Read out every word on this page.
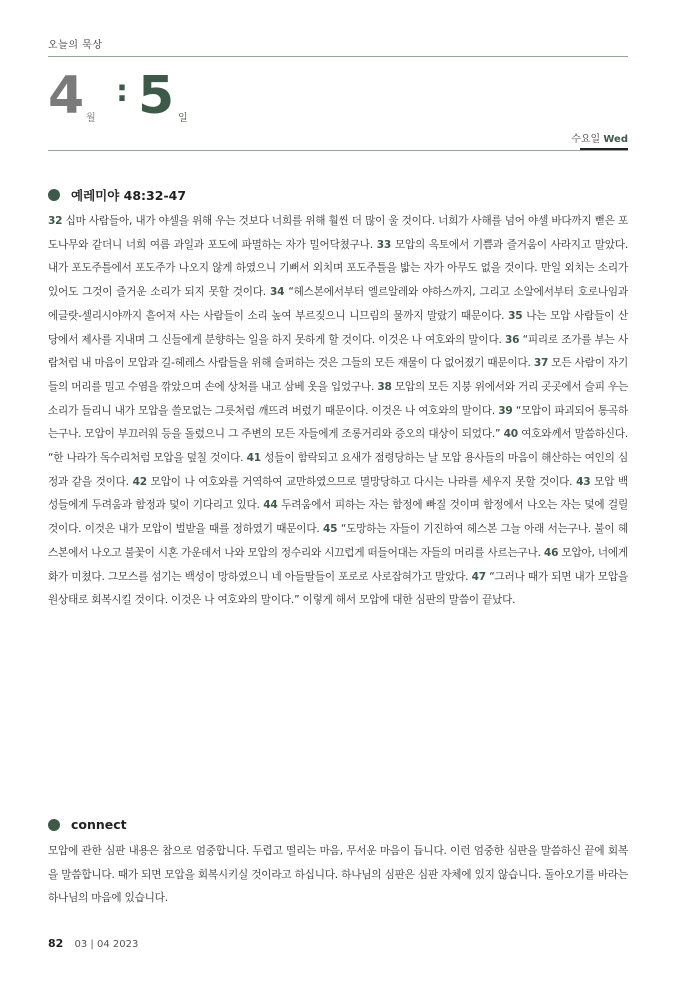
오늘의 묵상
4 월
: 5 일
수요일 Wed
예레미야 48:32-47
32 십마 사람들아, 내가 야셀을 위해 우는 것보다 너희를 위해 훨씬 더 많이 울 것이다. 너희가 사해를 넘어 야셀 바다까지 뻗은 포도나무와 같더니 너희 여름 과일과 포도에 파멸하는 자가 밀어닥쳤구나. 33 모압의 옥토에서 기쁨과 즐거움이 사라지고 말았다. 내가 포도주틀에서 포도주가 나오지 않게 하였으니 기뻐서 외치며 포도주틀을 밟는 자가 아무도 없을 것이다. 만일 외치는 소리가 있어도 그것이 즐거운 소리가 되지 못할 것이다. 34 “헤스본에서부터 엘르알레와 야하스까지, 그리고 소알에서부터 호로나임과 에글랏-셀리시야까지 흩어져 사는 사람들이 소리 높여 부르짖으니 니므림의 물까지 말랐기 때문이다. 35 나는 모압 사람들이 산당에서 제사를 지내며 그 신들에게 분향하는 일을 하지 못하게 할 것이다. 이것은 나 여호와의 말이다. 36 “피리로 조가를 부는 사람처럼 내 마음이 모압과 길-헤레스 사람들을 위해 슬퍼하는 것은 그들의 모든 재물이 다 없어졌기 때문이다. 37 모든 사람이 자기들의 머리를 밀고 수염을 깎았으며 손에 상처를 내고 삼베 옷을 입었구나. 38 모압의 모든 지붕 위에서와 거리 곳곳에서 슬피 우는 소리가 들리니 내가 모압을 쓸모없는 그릇처럼 깨뜨려 버렸기 때문이다. 이것은 나 여호와의 말이다. 39 “모압이 파괴되어 통곡하는구나. 모압이 부끄러워 등을 돌렸으니 그 주변의 모든 자들에게 조롱거리와 증오의 대상이 되었다.” 40 여호와께서 말씀하신다. “한 나라가 독수리처럼 모압을 덮칠 것이다. 41 성들이 함락되고 요새가 점령당하는 날 모압 용사들의 마음이 해산하는 여인의 심정과 같을 것이다. 42 모압이 나 여호와를 거역하여 교만하였으므로 멸망당하고 다시는 나라를 세우지 못할 것이다. 43 모압 백성들에게 두려움과 함정과 덫이 기다리고 있다. 44 두려움에서 피하는 자는 함정에 빠질 것이며 함정에서 나오는 자는 덫에 걸릴 것이다. 이것은 내가 모압이 벌받을 때를 정하였기 때문이다. 45 “도망하는 자들이 기진하여 헤스본 그늘 아래 서는구나. 불이 헤스본에서 나오고 불꽃이 시혼 가운데서 나와 모압의 정수리와 시끄럽게 떠들어대는 자들의 머리를 사르는구나. 46 모압아, 너에게 화가 미쳤다. 그모스를 섬기는 백성이 망하였으니 네 아들딸들이 포로로 사로잡혀가고 말았다. 47 “그러나 때가 되면 내가 모압을 원상태로 회복시킬 것이다. 이것은 나 여호와의 말이다.” 이렇게 해서 모압에 대한 심판의 말씀이 끝났다.
connect
모압에 관한 심판 내용은 참으로 엄중합니다. 두렵고 떨리는 마음, 무서운 마음이 듭니다. 이런 엄중한 심판을 말씀하신 끝에 회복을 말씀합니다. 때가 되면 모압을 회복시키실 것이라고 하십니다. 하나님의 심판은 심판 자체에 있지 않습니다. 돌아오기를 바라는 하나님의 마음에 있습니다.
82 03 | 04 2023
